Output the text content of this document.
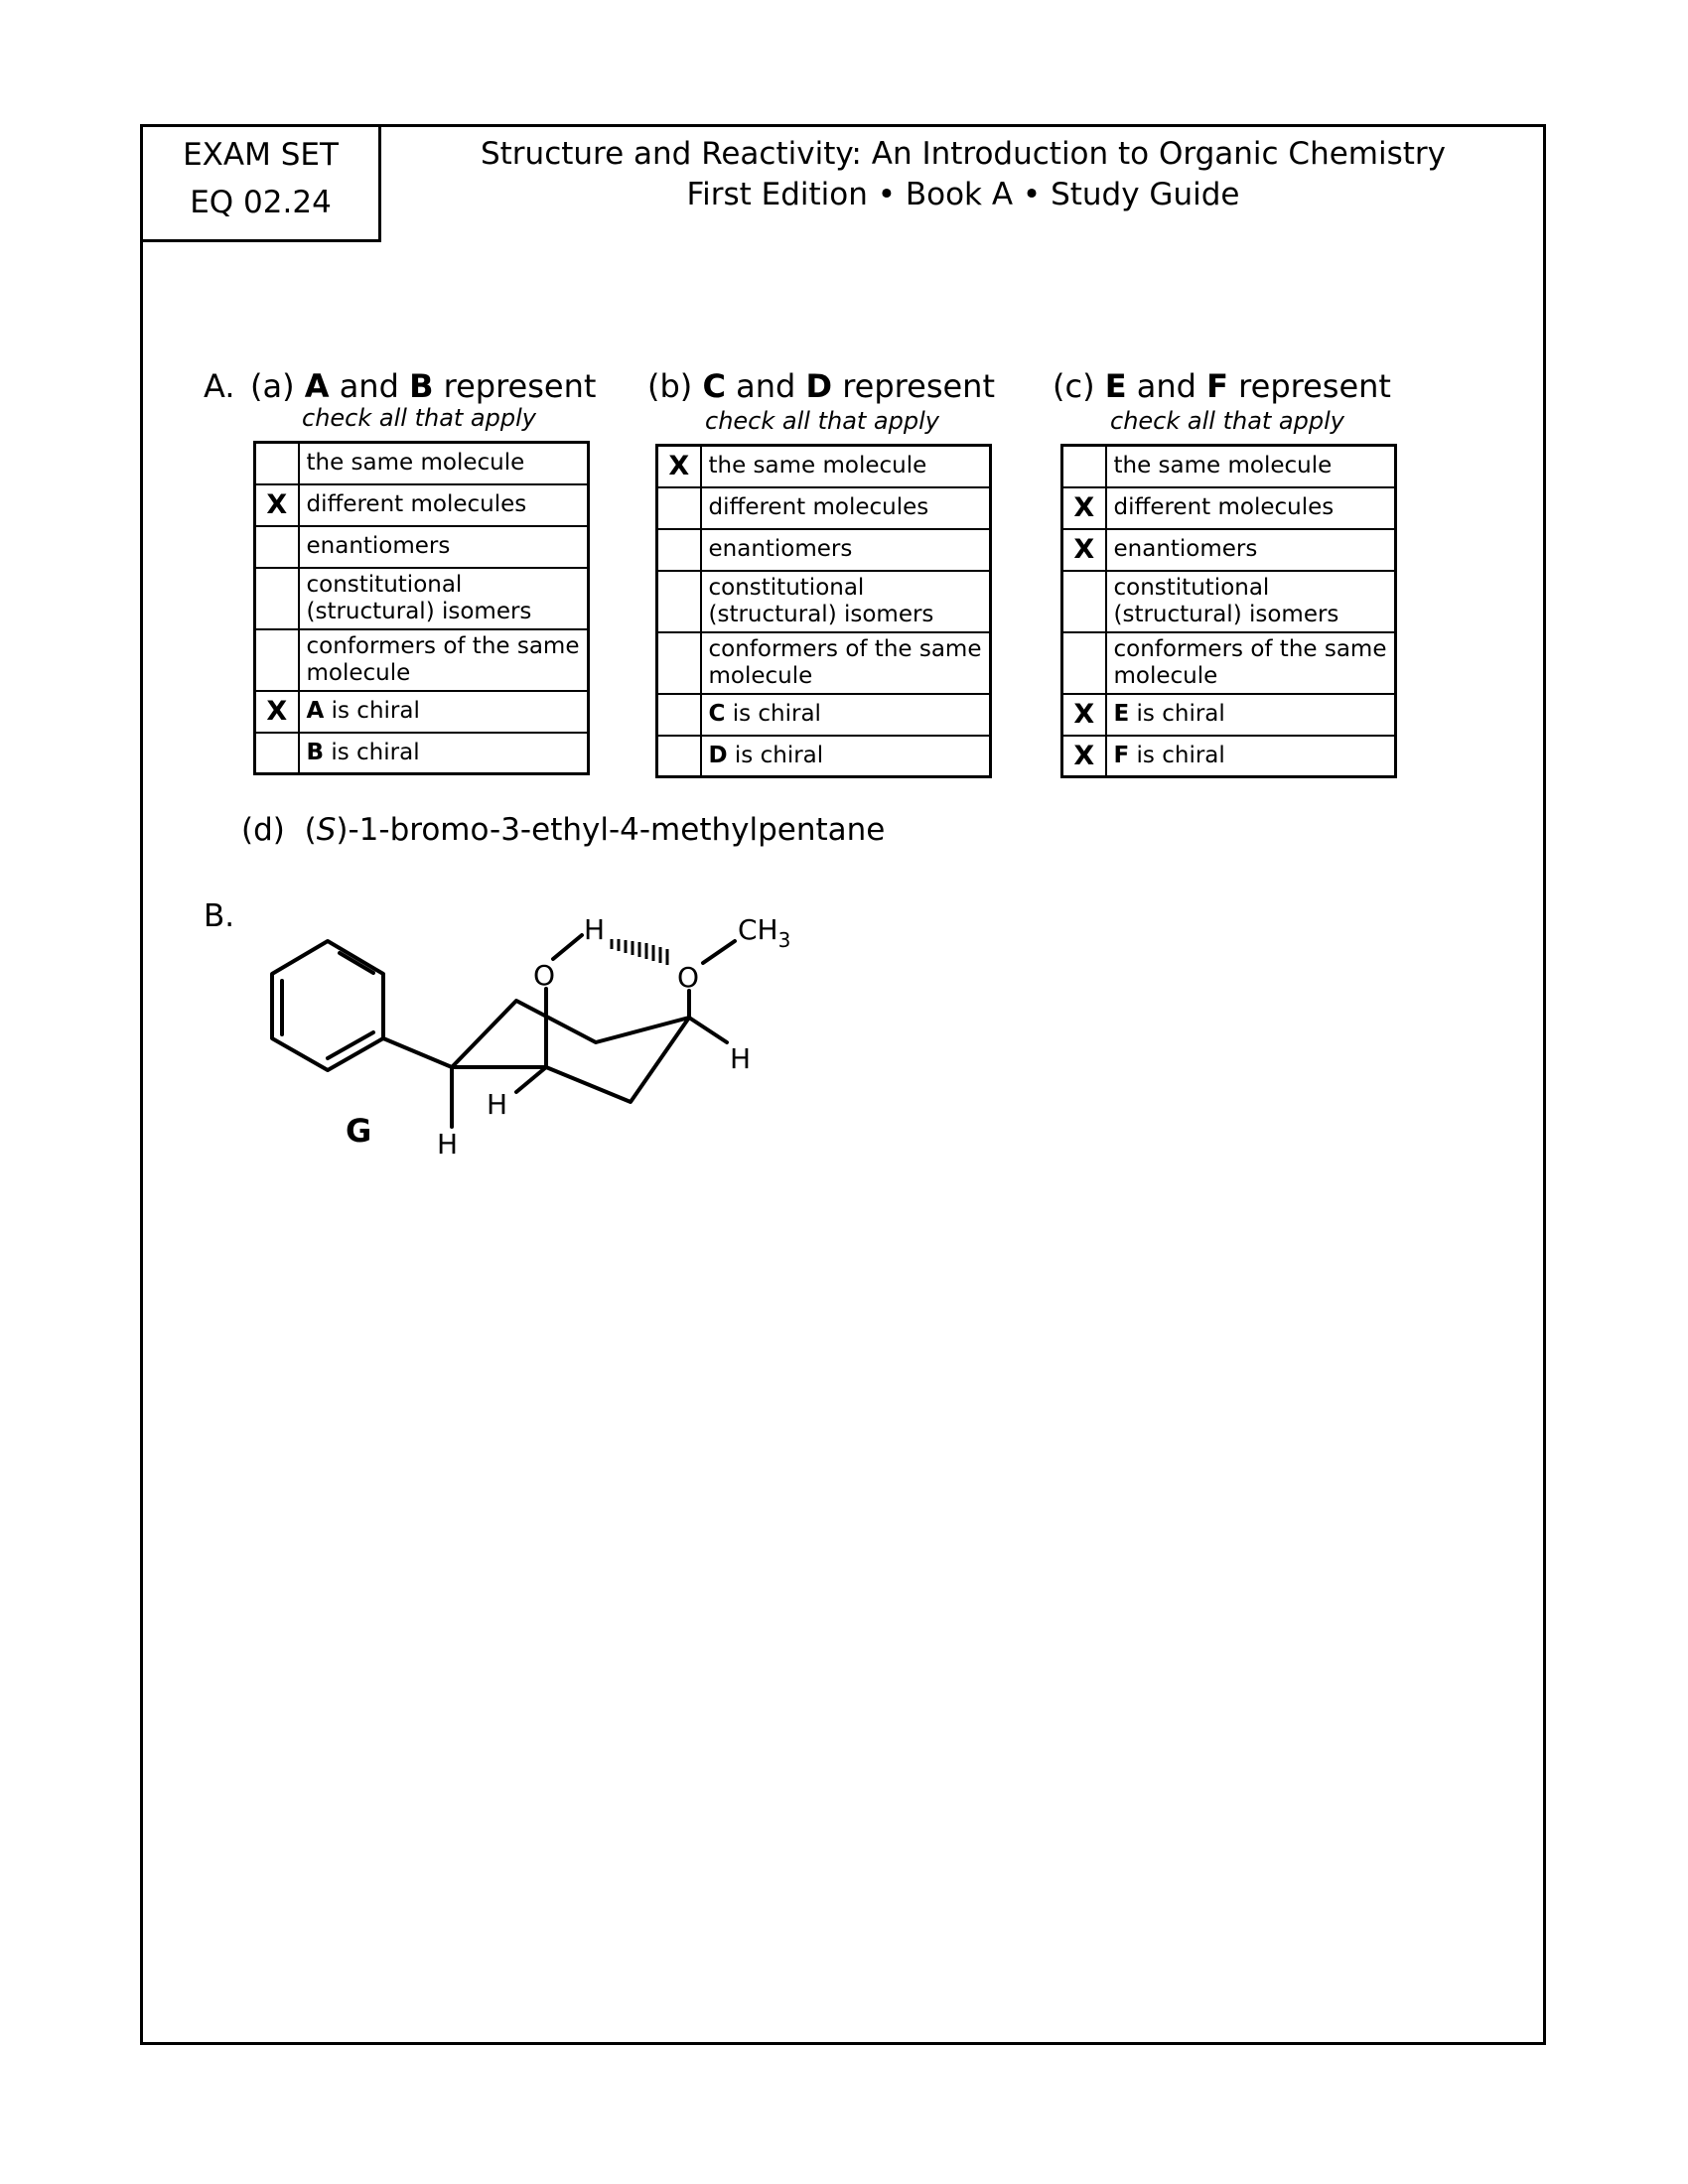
EXAM SET
EQ 02.24
Structure and Reactivity: An Introduction to Organic Chemistry
First Edition • Book A • Study Guide
A. (a) A and B represent
check all that apply
	the same molecule
X	different molecules
	enantiomers
	constitutional
(structural) isomers
	conformers of the same
molecule
X	A is chiral
	B is chiral
(b) C and D represent
check all that apply
X	the same molecule
	different molecules
	enantiomers
	constitutional
(structural) isomers
	conformers of the same
molecule
	C is chiral
	D is chiral
(c) E and F represent
check all that apply
	the same molecule
X	different molecules
X	enantiomers
	constitutional
(structural) isomers
	conformers of the same
molecule
X	E is chiral
X	F is chiral
(d) (S)-1-bromo-3-ethyl-4-methylpentane
B.
O	O
H	$CH_3$
H
H
H
G
